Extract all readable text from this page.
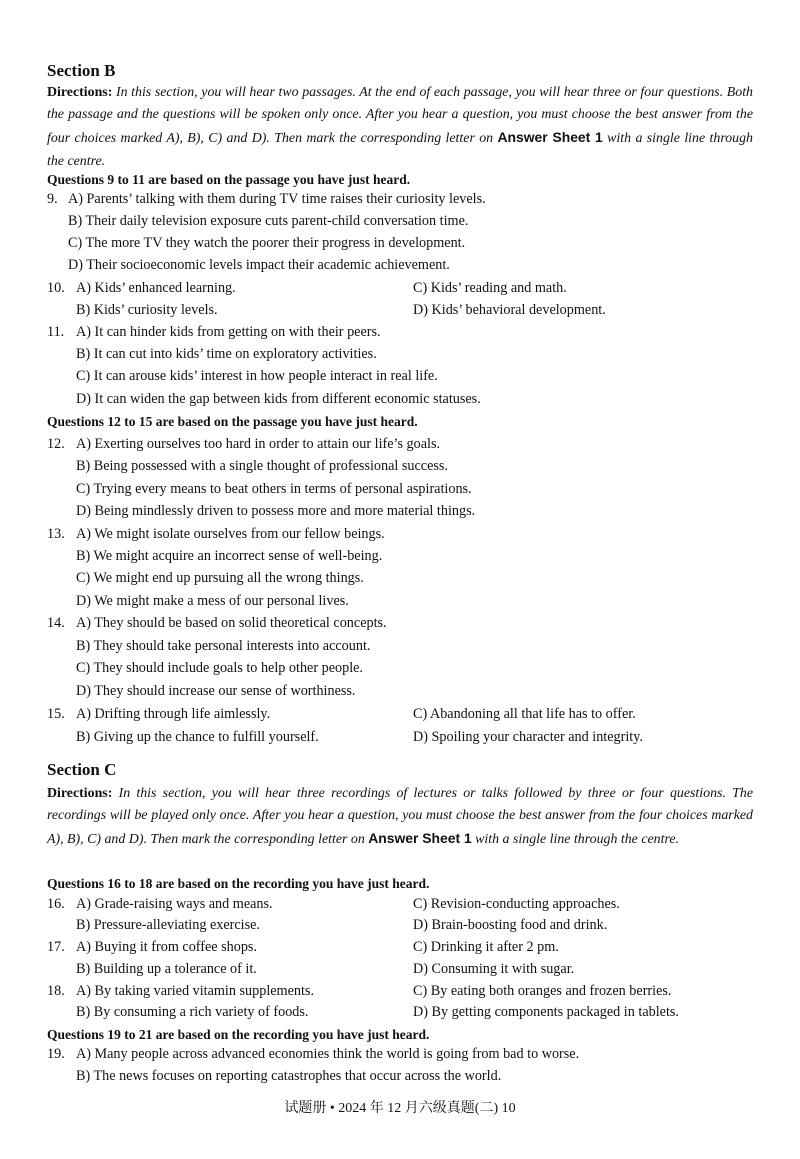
Section B
Directions: In this section, you will hear two passages. At the end of each passage, you will hear three or four questions. Both the passage and the questions will be spoken only once. After you hear a question, you must choose the best answer from the four choices marked A), B), C) and D). Then mark the corresponding letter on Answer Sheet 1 with a single line through the centre.
Questions 9 to 11 are based on the passage you have just heard.
9. A) Parents’ talking with them during TV time raises their curiosity levels.
B) Their daily television exposure cuts parent-child conversation time.
C) The more TV they watch the poorer their progress in development.
D) Their socioeconomic levels impact their academic achievement.
10. A) Kids’ enhanced learning.	C) Kids’ reading and math.
B) Kids’ curiosity levels.	D) Kids’ behavioral development.
11. A) It can hinder kids from getting on with their peers.
B) It can cut into kids’ time on exploratory activities.
C) It can arouse kids’ interest in how people interact in real life.
D) It can widen the gap between kids from different economic statuses.
Questions 12 to 15 are based on the passage you have just heard.
12. A) Exerting ourselves too hard in order to attain our life’s goals.
B) Being possessed with a single thought of professional success.
C) Trying every means to beat others in terms of personal aspirations.
D) Being mindlessly driven to possess more and more material things.
13. A) We might isolate ourselves from our fellow beings.
B) We might acquire an incorrect sense of well-being.
C) We might end up pursuing all the wrong things.
D) We might make a mess of our personal lives.
14. A) They should be based on solid theoretical concepts.
B) They should take personal interests into account.
C) They should include goals to help other people.
D) They should increase our sense of worthiness.
15. A) Drifting through life aimlessly.	C) Abandoning all that life has to offer.
B) Giving up the chance to fulfill yourself.	D) Spoiling your character and integrity.
Section C
Directions: In this section, you will hear three recordings of lectures or talks followed by three or four questions. The recordings will be played only once. After you hear a question, you must choose the best answer from the four choices marked A), B), C) and D). Then mark the corresponding letter on Answer Sheet 1 with a single line through the centre.
Questions 16 to 18 are based on the recording you have just heard.
16. A) Grade-raising ways and means.	C) Revision-conducting approaches.
B) Pressure-alleviating exercise.	D) Brain-boosting food and drink.
17. A) Buying it from coffee shops.	C) Drinking it after 2 pm.
B) Building up a tolerance of it.	D) Consuming it with sugar.
18. A) By taking varied vitamin supplements.	C) By eating both oranges and frozen berries.
B) By consuming a rich variety of foods.	D) By getting components packaged in tablets.
Questions 19 to 21 are based on the recording you have just heard.
19. A) Many people across advanced economies think the world is going from bad to worse.
B) The news focuses on reporting catastrophes that occur across the world.
试题册 • 2024 年 12 月六级真题(二) 10
